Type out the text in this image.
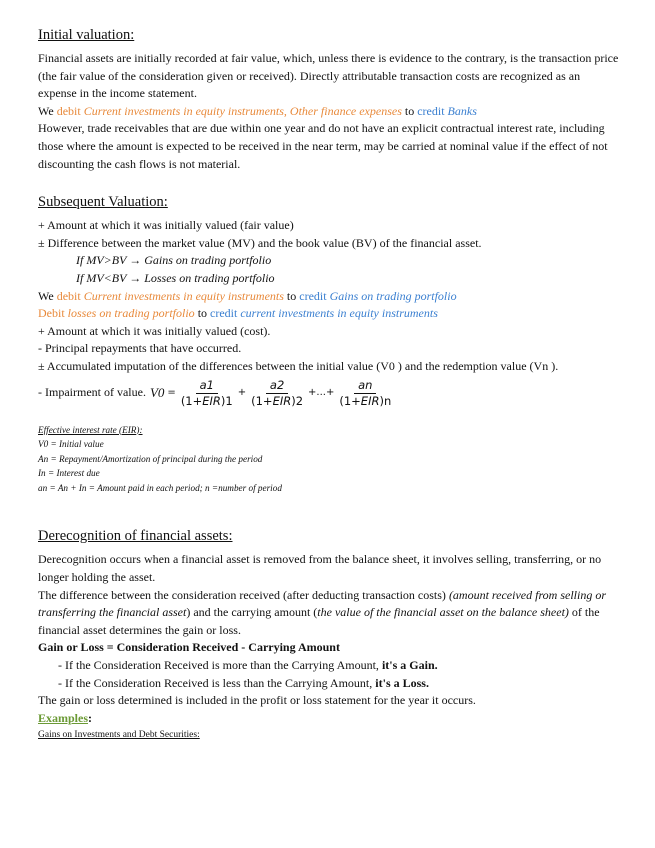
Initial valuation:

Financial assets are initially recorded at fair value, which, unless there is evidence to the contrary, is the transaction price (the fair value of the consideration given or received). Directly attributable transaction costs are recognized as an expense in the income statement.

We debit Current investments in equity instruments, Other finance expenses to credit Banks

However, trade receivables that are due within one year and do not have an explicit contractual interest rate, including those where the amount is expected to be received in the near term, may be carried at nominal value if the effect of not discounting the cash flows is not material.

Subsequent Valuation:

+ Amount at which it was initially valued (fair value)

± Difference between the market value (MV) and the book value (BV) of the financial asset.

If MV>BV → Gains on trading portfolio

If MV<BV → Losses on trading portfolio

We debit Current investments in equity instruments to credit Gains on trading portfolio

Debit losses on trading portfolio to credit current investments in equity instruments

+ Amount at which it was initially valued (cost).

- Principal repayments that have occurred.

± Accumulated imputation of the differences between the initial value (V0 ) and the redemption value (Vn ).

- Impairment of value. $V0 = \frac{a1}{\text{(1+EIR)1}} + \frac{a2}{\text{(1+EIR)2}}$ +...+ $\frac{an}{\text{(1+EIR)n}}$

Effective interest rate (EIR):

V0 = Initial value

An = Repayment/Amortization of principal during the period

In = Interest due

an = An + In = Amount paid in each period; n =number of period

Derecognition of financial assets:

Derecognition occurs when a financial asset is removed from the balance sheet, it involves selling, transferring, or no longer holding the asset.

The difference between the consideration received (after deducting transaction costs) (amount received from selling or transferring the financial asset) and the carrying amount (the value of the financial asset on the balance sheet) of the financial asset determines the gain or loss.

Gain or Loss = Consideration Received - Carrying Amount

- If the Consideration Received is more than the Carrying Amount, it's a Gain.

- If the Consideration Received is less than the Carrying Amount, it's a Loss.

The gain or loss determined is included in the profit or loss statement for the year it occurs.

Examples:

Gains on Investments and Debt Securities:
